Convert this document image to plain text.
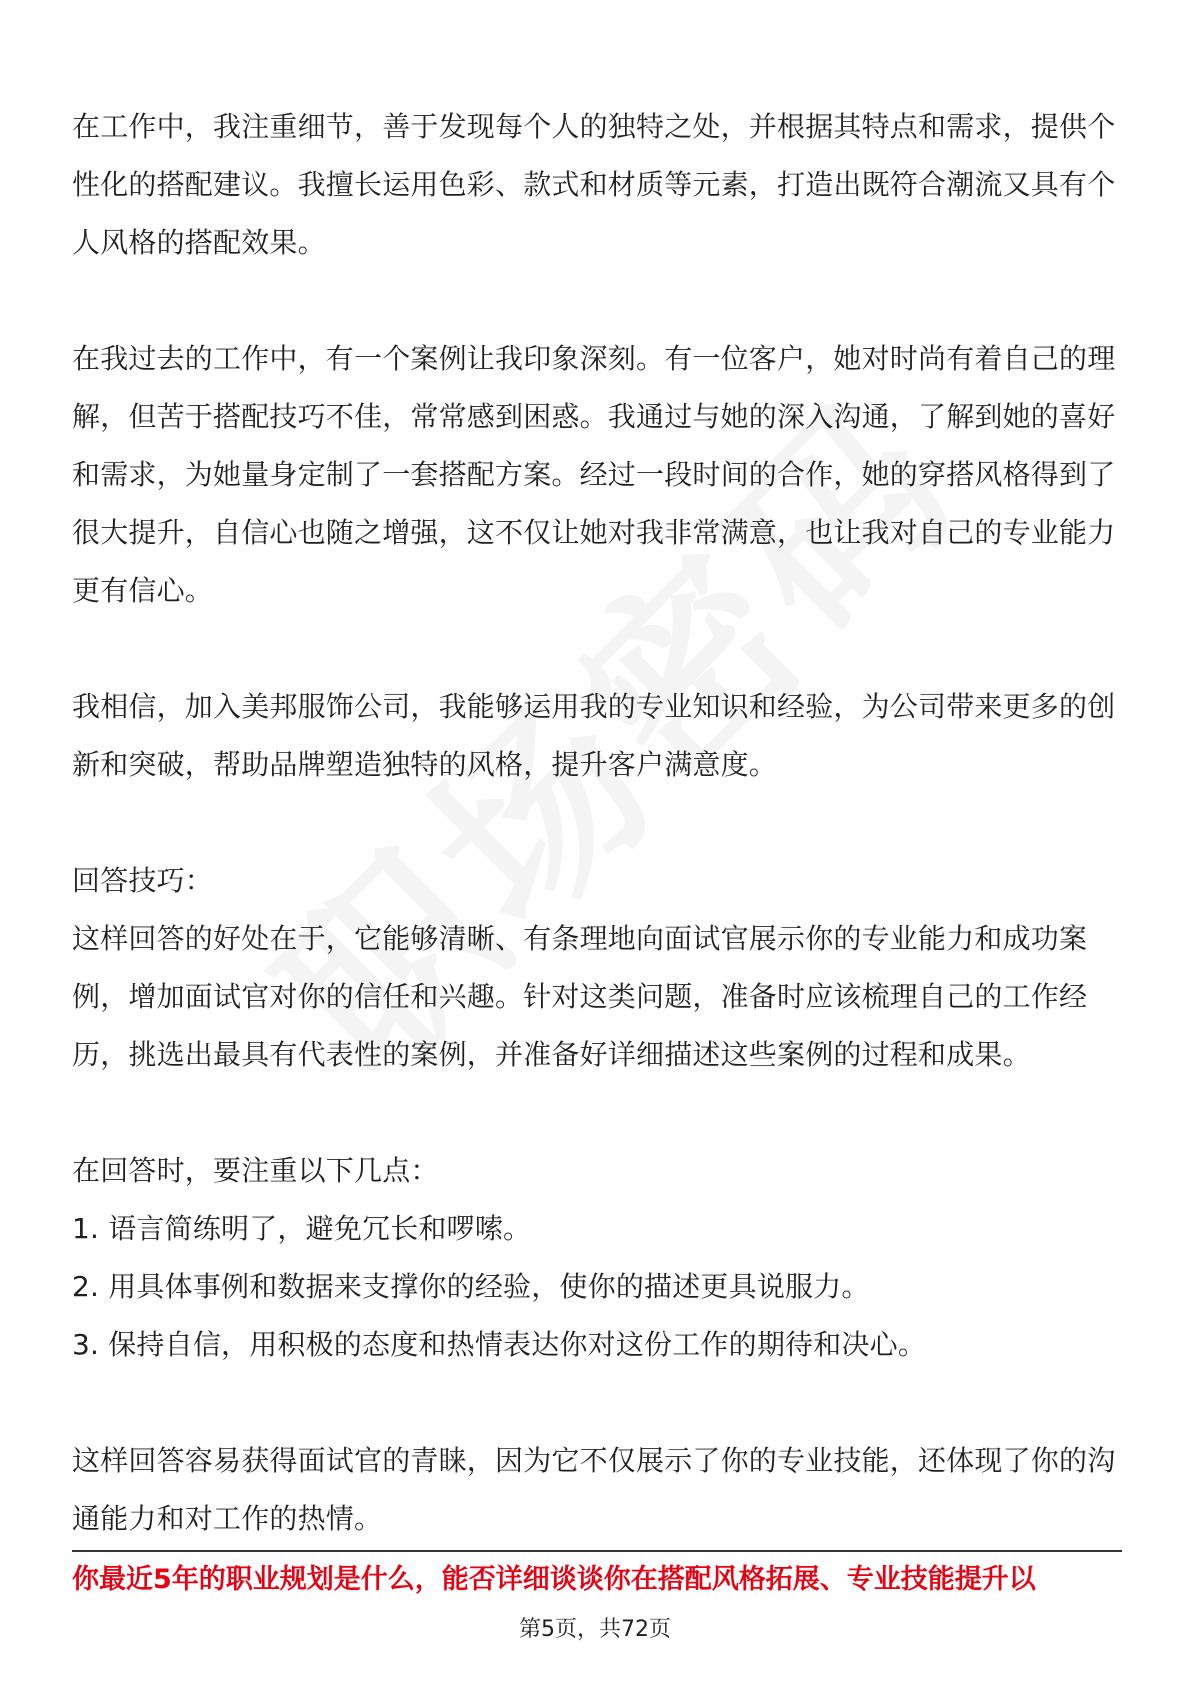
在工作中，我注重细节，善于发现每个人的独特之处，并根据其特点和需求，提供个性化的搭配建议。我擅长运用色彩、款式和材质等元素，打造出既符合潮流又具有个人风格的搭配效果。

在我过去的工作中，有一个案例让我印象深刻。有一位客户，她对时尚有着自己的理解，但苦于搭配技巧不佳，常常感到困惑。我通过与她的深入沟通，了解到她的喜好和需求，为她量身定制了一套搭配方案。经过一段时间的合作，她的穿搭风格得到了很大提升，自信心也随之增强，这不仅让她对我非常满意，也让我对自己的专业能力更有信心。

我相信，加入美邦服饰公司，我能够运用我的专业知识和经验，为公司带来更多的创新和突破，帮助品牌塑造独特的风格，提升客户满意度。

回答技巧：

这样回答的好处在于，它能够清晰、有条理地向面试官展示你的专业能力和成功案例，增加面试官对你的信任和兴趣。针对这类问题，准备时应该梳理自己的工作经历，挑选出最具有代表性的案例，并准备好详细描述这些案例的过程和成果。

在回答时，要注重以下几点：

1. 语言简练明了，避免冗长和啰嗦。

2. 用具体事例和数据来支撑你的经验，使你的描述更具说服力。

3. 保持自信，用积极的态度和热情表达你对这份工作的期待和决心。

这样回答容易获得面试官的青睐，因为它不仅展示了你的专业技能，还体现了你的沟通能力和对工作的热情。

你最近5年的职业规划是什么，能否详细谈谈你在搭配风格拓展、专业技能提升以
第5页，共72页
